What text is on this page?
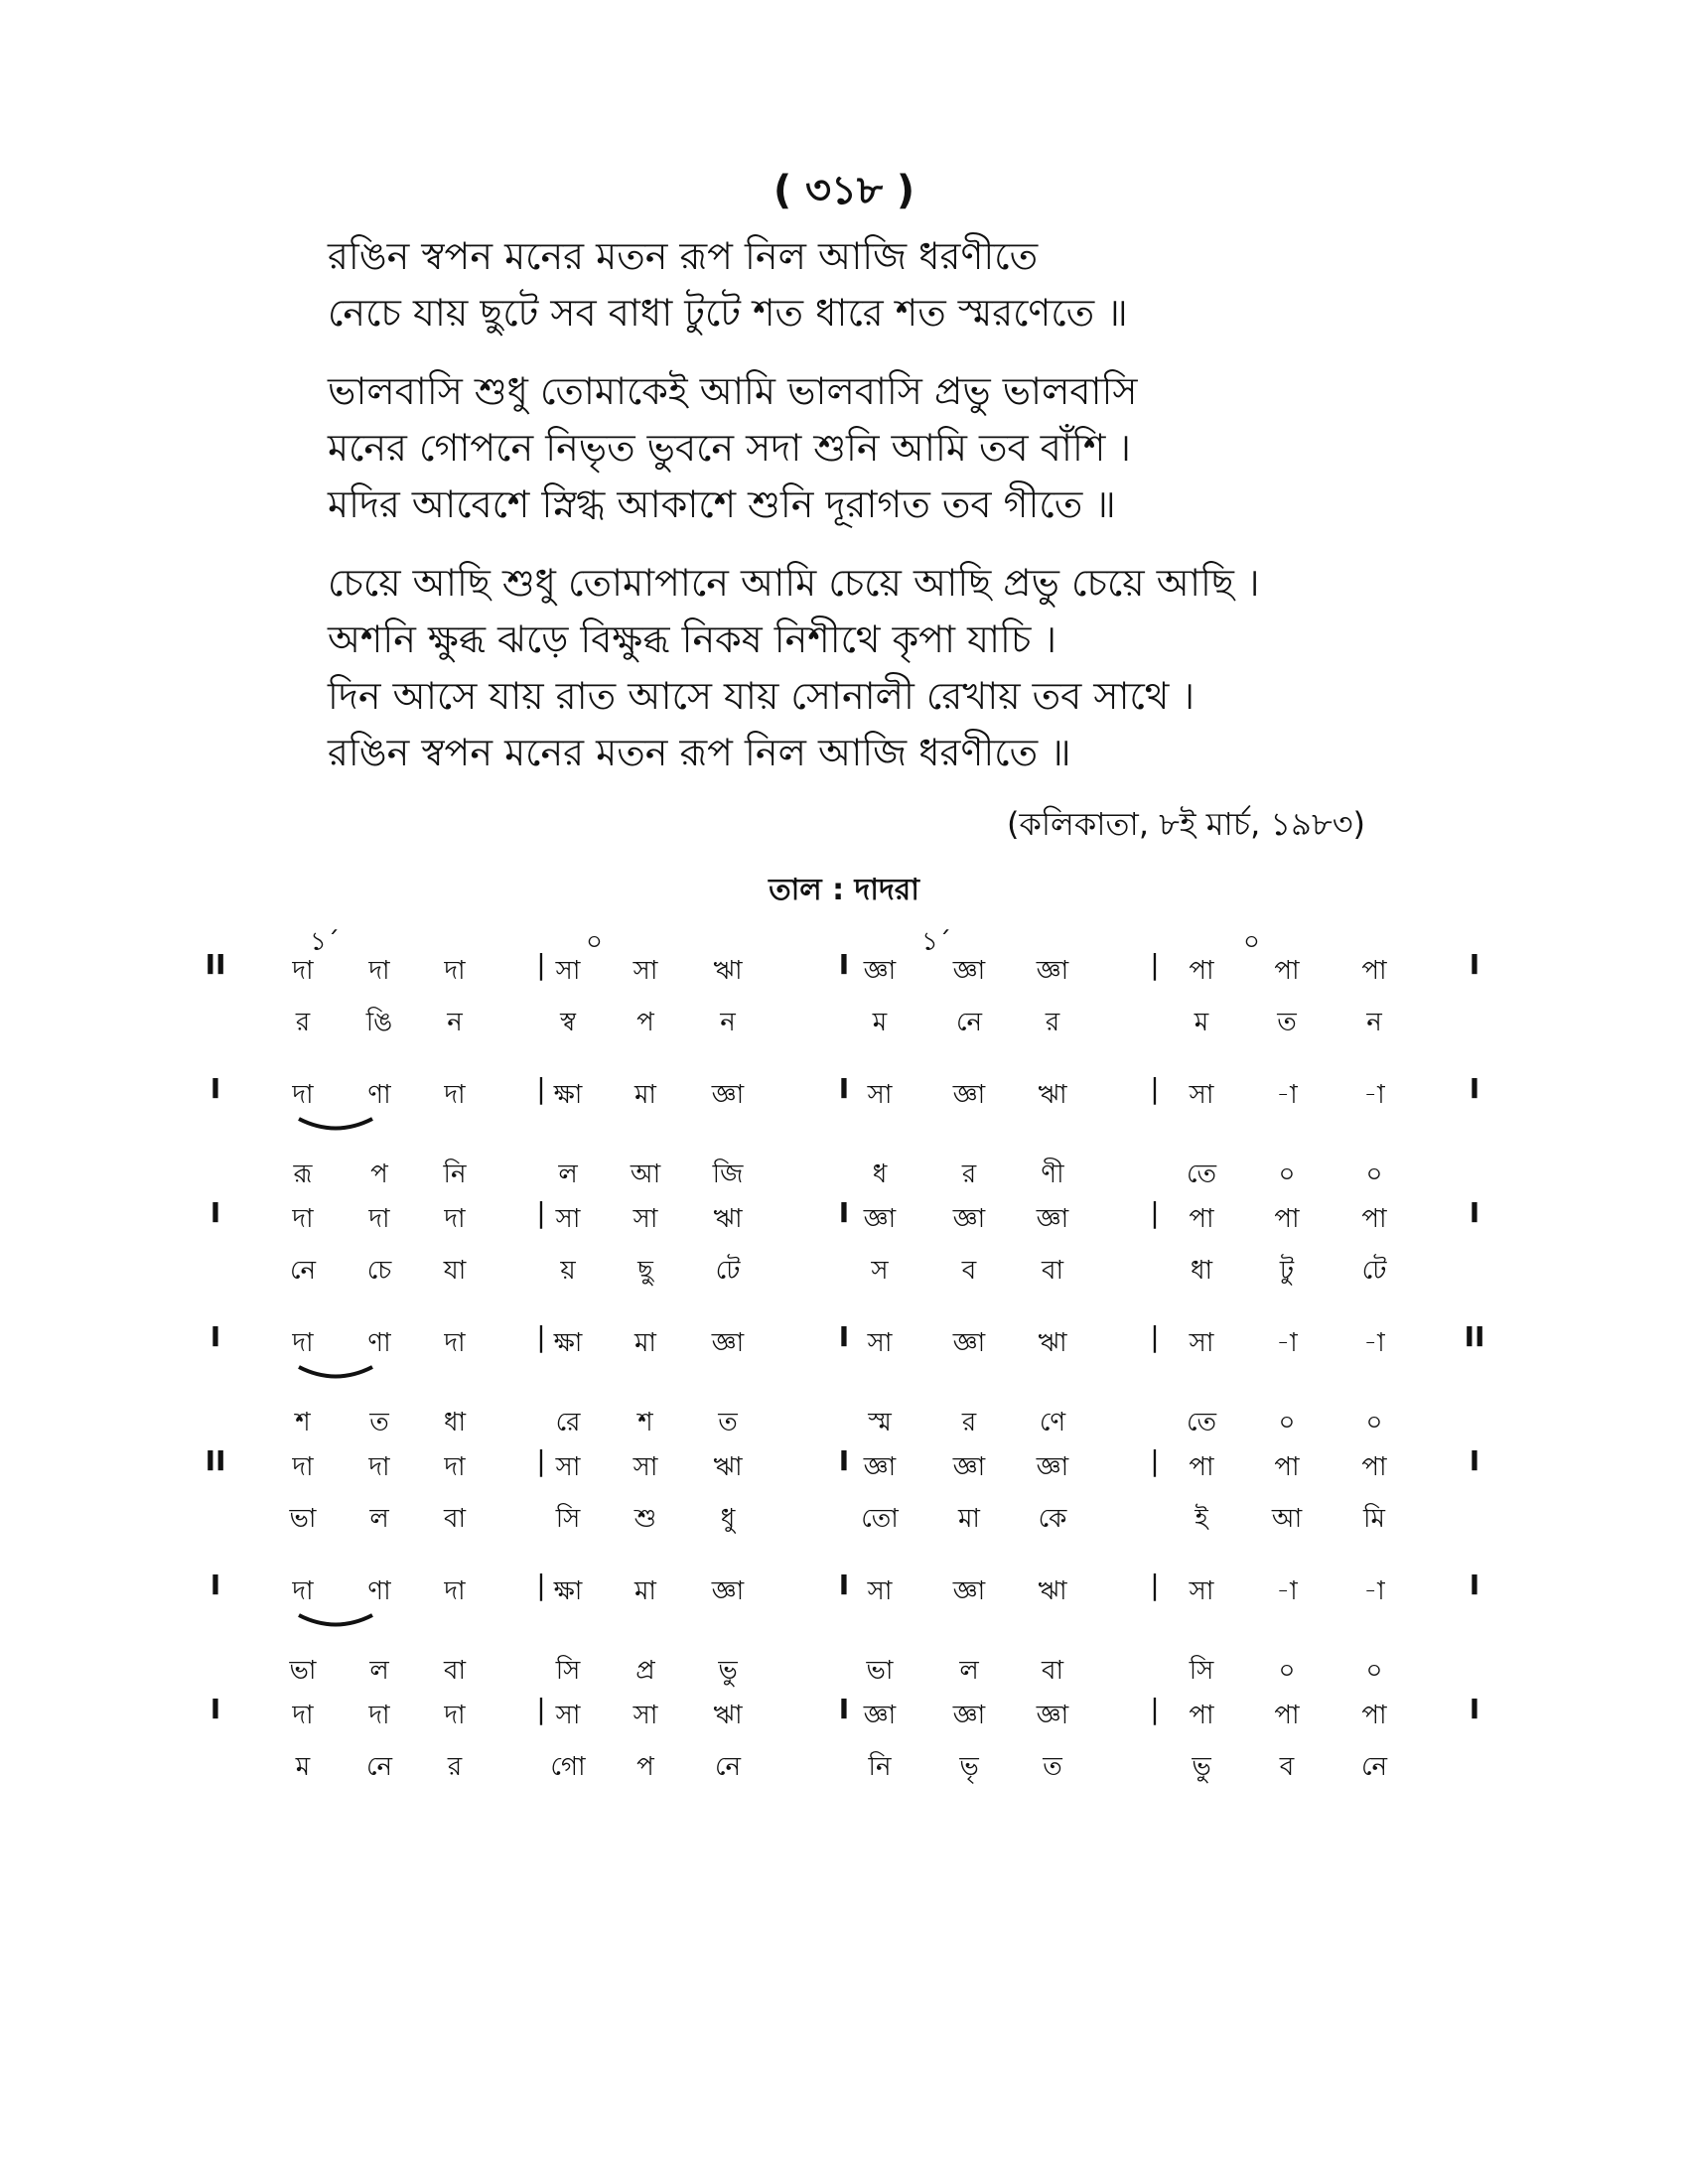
( ৩১৮ )
রঙিন স্বপন মনের মতন রূপ নিল আজি ধরণীতে
নেচে যায় ছুটে সব বাধা টুটে শত ধারে শত স্মরণেতে ॥
ভালবাসি শুধু তোমাকেই আমি ভালবাসি প্রভু ভালবাসি
মনের গোপনে নিভৃত ভুবনে সদা শুনি আমি তব বাঁশি ।
মদির আবেশে স্নিগ্ধ আকাশে শুনি দূরাগত তব গীতে ॥
চেয়ে আছি শুধু তোমাপানে আমি চেয়ে আছি প্রভু চেয়ে আছি ।
অশনি ক্ষুব্ধ ঝড়ে বিক্ষুব্ধ নিকষ নিশীথে কৃপা যাচি ।
দিন আসে যায় রাত আসে যায় সোনালী রেখায় তব সাথে ।
রঙিন স্বপন মনের মতন রূপ নিল আজি ধরণীতে ॥
(কলিকাতা, ৮ই মার্চ, ১৯৮৩)
তাল : দাদরা
১´	০	১´	০
II	I
|	I	|
দা	দা	দা	সা	সা	ঋা	জ্ঞা	জ্ঞা	জ্ঞা	পা	পা	পা
র	ঙি	ন	স্ব	প	ন	ম	নে	র	ম	ত	ন
I	I
|	I	|
দা	ণা	দা	ক্ষা	মা	জ্ঞা	সা	জ্ঞা	ঋা	সা	-া	-া
রূ	প	নি	ল	আ	জি	ধ	র	ণী	তে	০	০
I	I
|	I	|
দা	দা	দা	সা	সা	ঋা	জ্ঞা	জ্ঞা	জ্ঞা	পা	পা	পা
নে	চে	যা	য়	ছু	টে	স	ব	বা	ধা	টু	টে
I	II
|	I	|
দা	ণা	দা	ক্ষা	মা	জ্ঞা	সা	জ্ঞা	ঋা	সা	-া	-া
শ	ত	ধা	রে	শ	ত	স্ম	র	ণে	তে	০	০
II	I
|	I	|
দা	দা	দা	সা	সা	ঋা	জ্ঞা	জ্ঞা	জ্ঞা	পা	পা	পা
ভা	ল	বা	সি	শু	ধু	তো	মা	কে	ই	আ	মি
I	I
|	I	|
দা	ণা	দা	ক্ষা	মা	জ্ঞা	সা	জ্ঞা	ঋা	সা	-া	-া
ভা	ল	বা	সি	প্র	ভু	ভা	ল	বা	সি	০	০
I	I
|	I	|
দা	দা	দা	সা	সা	ঋা	জ্ঞা	জ্ঞা	জ্ঞা	পা	পা	পা
ম	নে	র	গো	প	নে	নি	ভৃ	ত	ভু	ব	নে
